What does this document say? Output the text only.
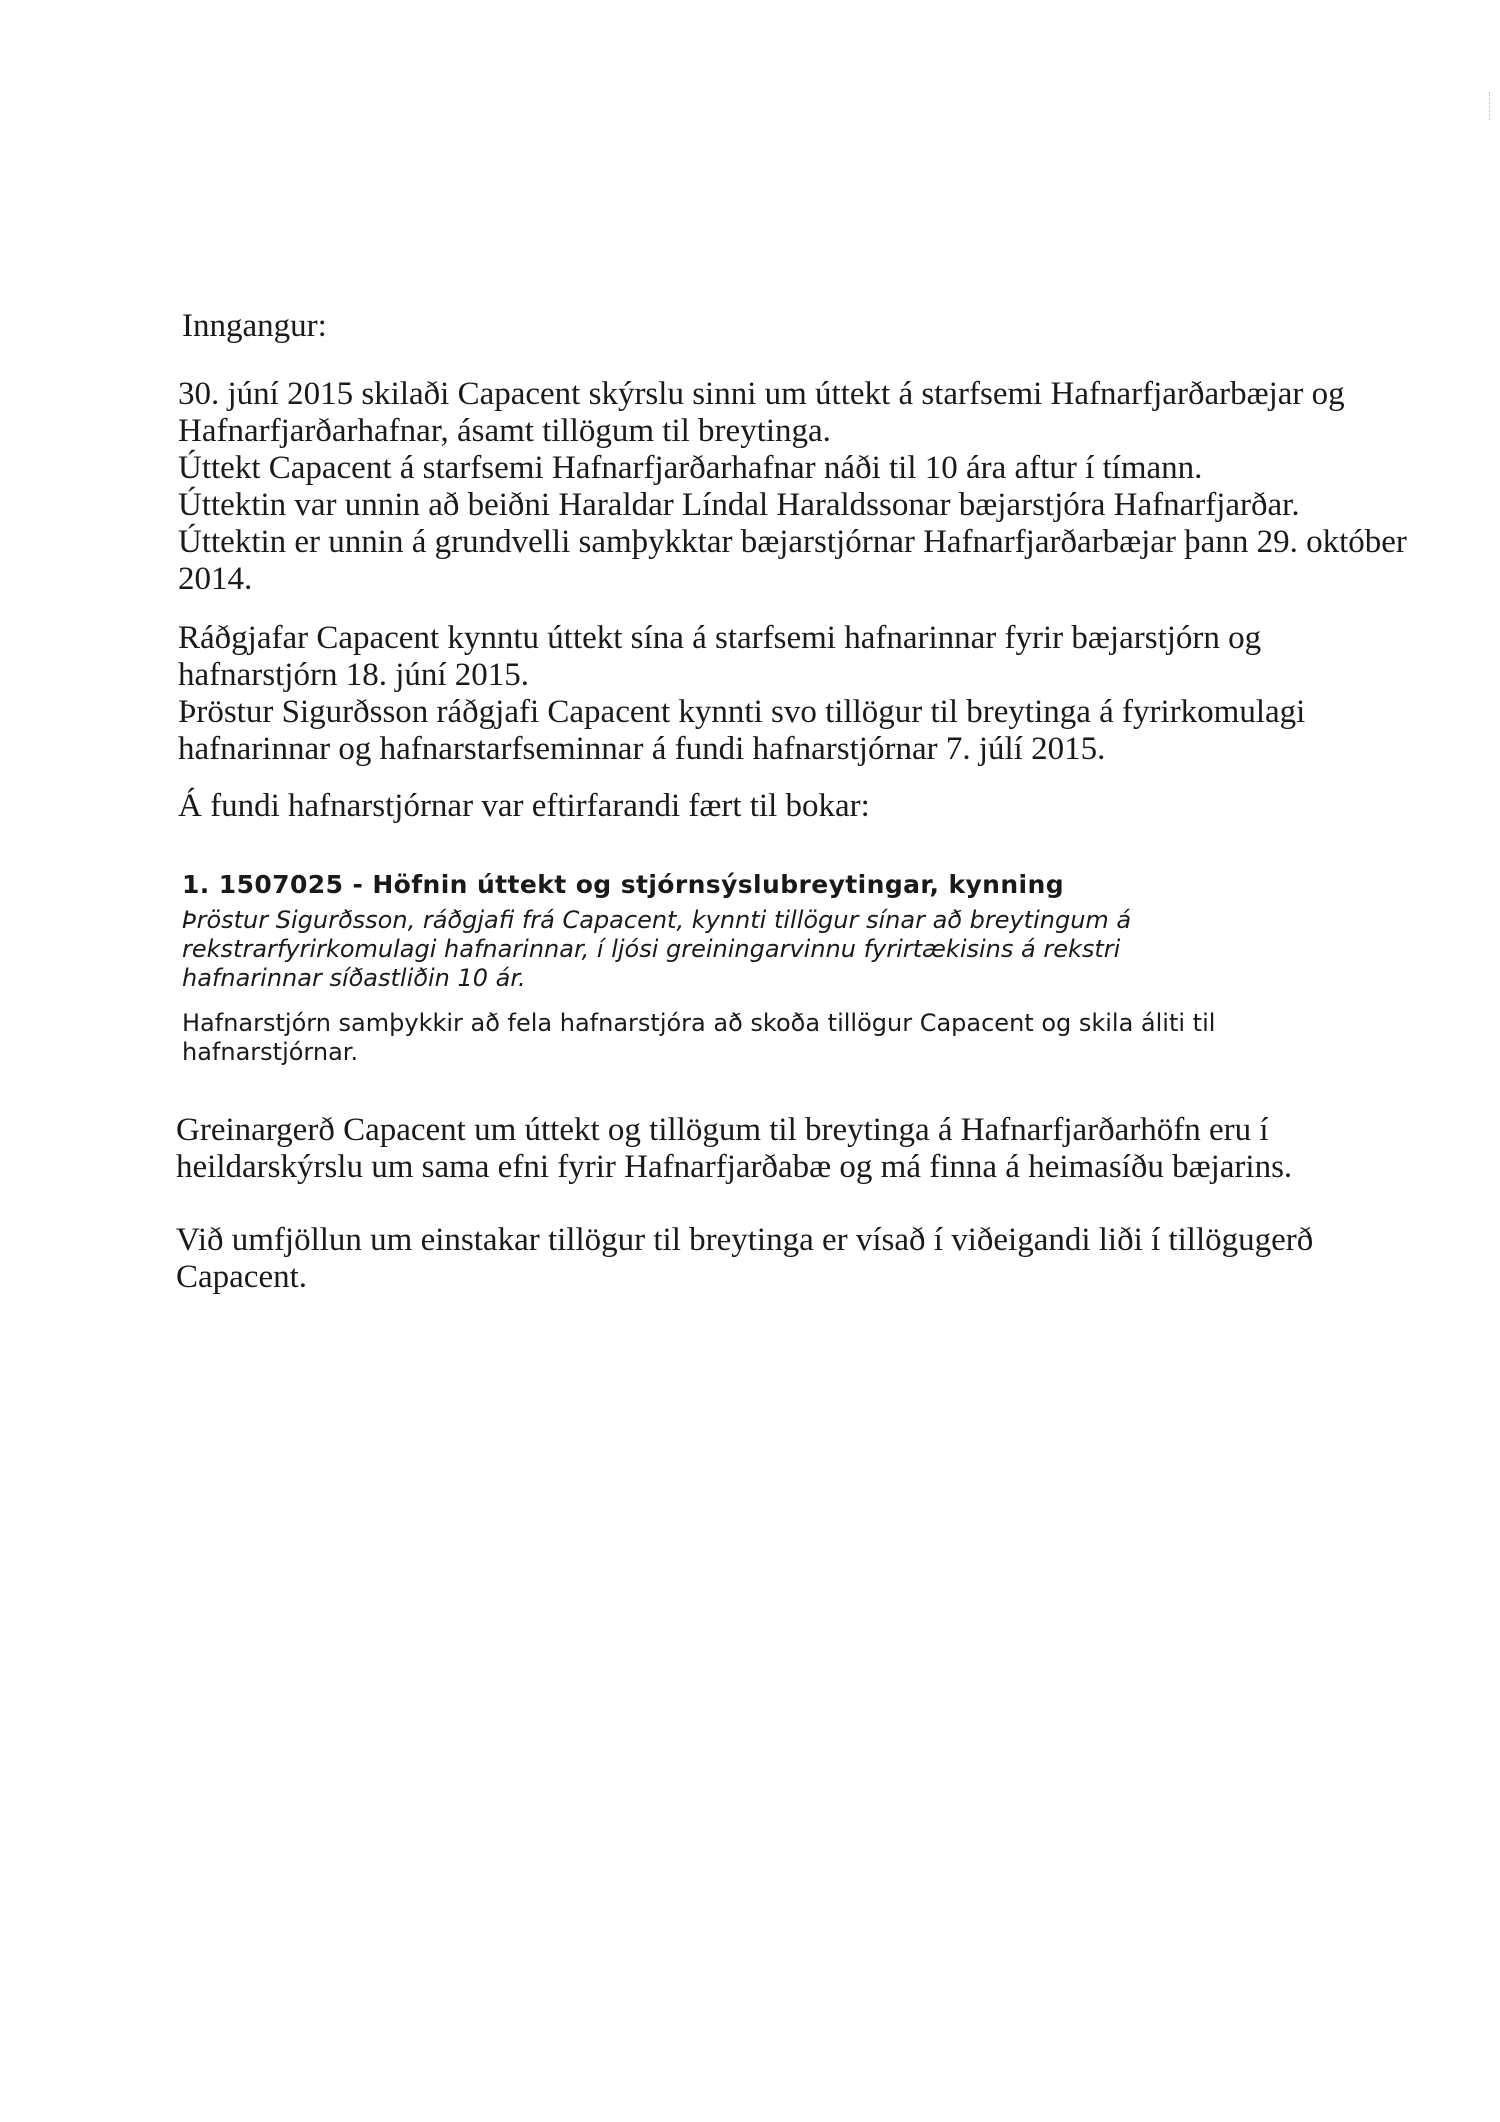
Inngangur:
30. júní 2015 skilaði Capacent skýrslu sinni um úttekt á starfsemi Hafnarfjarðarbæjar og
Hafnarfjarðarhafnar, ásamt tillögum til breytinga.
Úttekt Capacent á starfsemi Hafnarfjarðarhafnar náði til 10 ára aftur í tímann.
Úttektin var unnin að beiðni Haraldar Líndal Haraldssonar bæjarstjóra Hafnarfjarðar.
Úttektin er unnin á grundvelli samþykktar bæjarstjórnar Hafnarfjarðarbæjar þann 29. október
2014.
Ráðgjafar Capacent kynntu úttekt sína á starfsemi hafnarinnar fyrir bæjarstjórn og
hafnarstjórn 18. júní 2015.
Þröstur Sigurðsson ráðgjafi Capacent kynnti svo tillögur til breytinga á fyrirkomulagi
hafnarinnar og hafnarstarfseminnar á fundi hafnarstjórnar 7. júlí 2015.
Á fundi hafnarstjórnar var eftirfarandi fært til bokar:
1. 1507025 - Höfnin úttekt og stjórnsýslubreytingar, kynning
Þröstur Sigurðsson, ráðgjafi frá Capacent, kynnti tillögur sínar að breytingum á
rekstrarfyrirkomulagi hafnarinnar, í ljósi greiningarvinnu fyrirtækisins á rekstri
hafnarinnar síðastliðin 10 ár.
Hafnarstjórn samþykkir að fela hafnarstjóra að skoða tillögur Capacent og skila áliti til
hafnarstjórnar.
Greinargerð Capacent um úttekt og tillögum til breytinga á Hafnarfjarðarhöfn eru í
heildarskýrslu um sama efni fyrir Hafnarfjarðabæ og má finna á heimasíðu bæjarins.
Við umfjöllun um einstakar tillögur til breytinga er vísað í viðeigandi liði í tillögugerð
Capacent.
